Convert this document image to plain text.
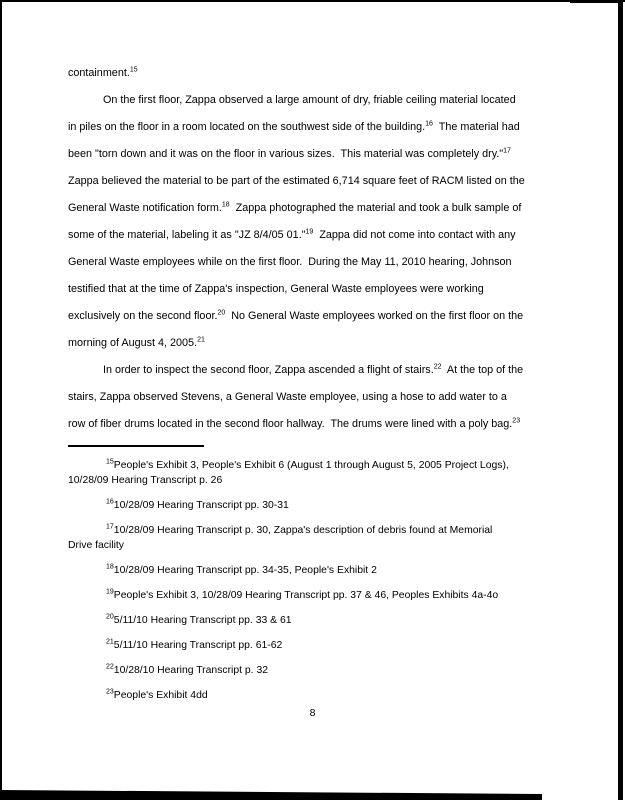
containment.$^{15}$
On the first floor, Zappa observed a large amount of dry, friable ceiling material located
in piles on the floor in a room located on the southwest side of the building.$^{16}$  The material had
been "torn down and it was on the floor in various sizes.  This material was completely dry."$^{17}$
Zappa believed the material to be part of the estimated 6,714 square feet of RACM listed on the
General Waste notification form.$^{18}$  Zappa photographed the material and took a bulk sample of
some of the material, labeling it as "JZ 8/4/05 01."$^{19}$  Zappa did not come into contact with any
General Waste employees while on the first floor.  During the May 11, 2010 hearing, Johnson
testified that at the time of Zappa's inspection, General Waste employees were working
exclusively on the second floor.$^{20}$  No General Waste employees worked on the first floor on the
morning of August 4, 2005.21
In order to inspect the second floor, Zappa ascended a flight of stairs.$^{22}$  At the top of the
stairs, Zappa observed Stevens, a General Waste employee, using a hose to add water to a
row of fiber drums located in the second floor hallway.  The drums were lined with a poly bag.$^{23}$
$^{15}$People's Exhibit 3, People's Exhibit 6 (August 1 through August 5, 2005 Project Logs),
10/28/09 Hearing Transcript p. 26
$^{16}$10/28/09 Hearing Transcript pp. 30-31
$^{17}$10/28/09 Hearing Transcript p. 30, Zappa's description of debris found at Memorial
Drive facility
$^{18}$10/28/09 Hearing Transcript pp. 34-35, People's Exhibit 2
$^{19}$People's Exhibit 3, 10/28/09 Hearing Transcript pp. 37 & 46, Peoples Exhibits 4a-4o
$^{20}$5/11/10 Hearing Transcript pp. 33 & 61
$^{21}$5/11/10 Hearing Transcript pp. 61-62
$^{22}$10/28/10 Hearing Transcript p. 32
$^{23}$People's Exhibit 4dd
8
